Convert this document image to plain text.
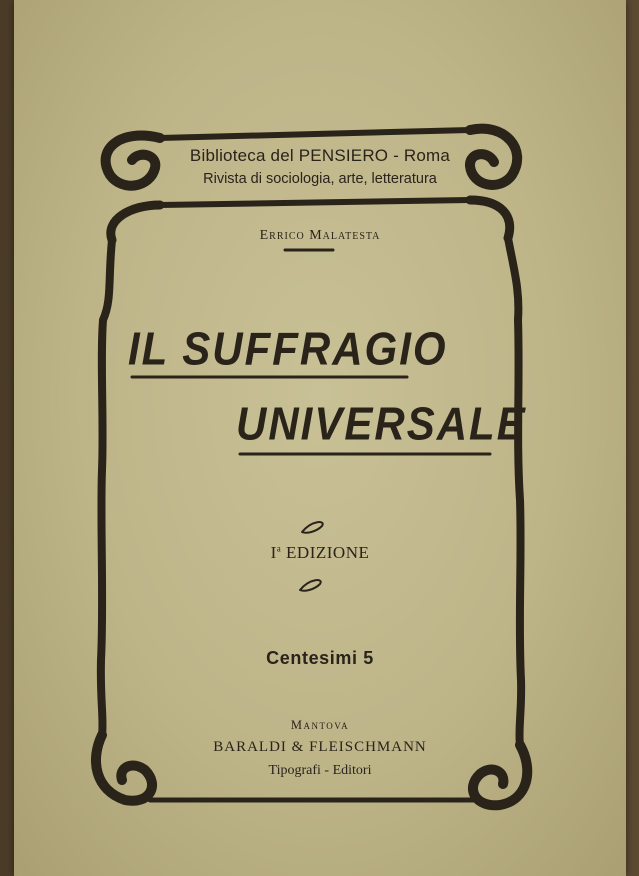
Biblioteca del PENSIERO - Roma
Rivista di sociologia, arte, letteratura
Errico Malatesta
IL SUFFRAGIO
UNIVERSALE
$I^a$ EDIZIONE
Centesimi 5
Mantova
BARALDI & FLEISCHMANN
Tipografi - Editori
